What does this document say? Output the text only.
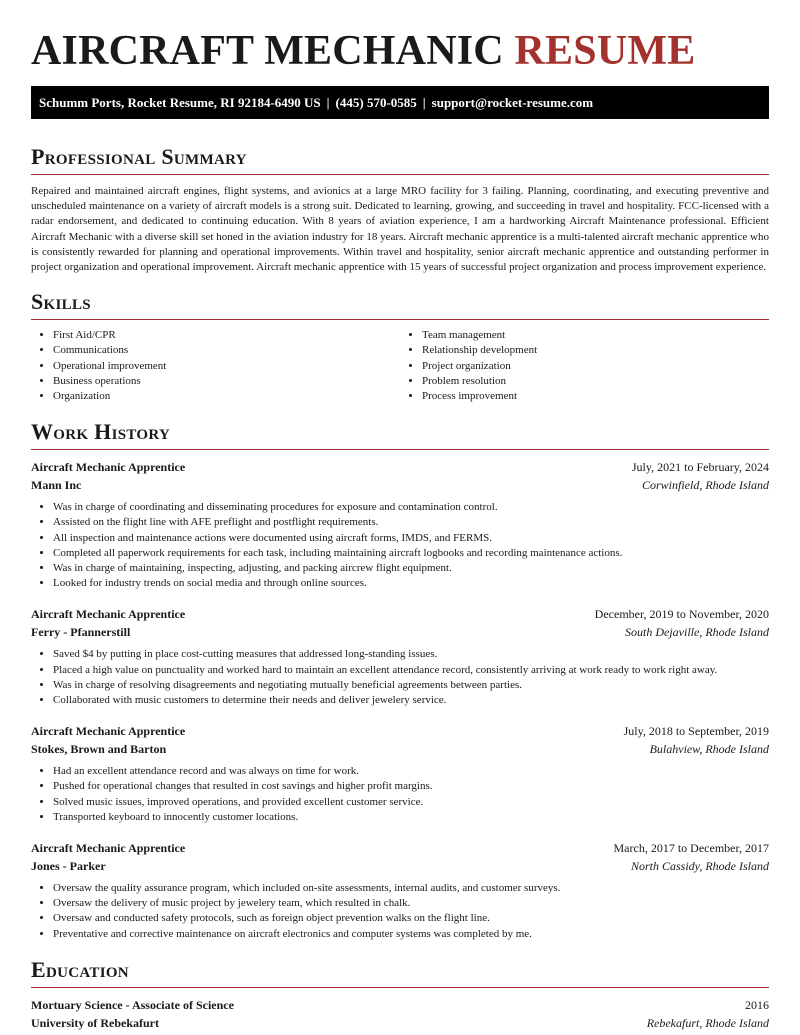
AIRCRAFT MECHANIC RESUME
Schumm Ports, Rocket Resume, RI 92184-6490 US | (445) 570-0585 | support@rocket-resume.com
Professional Summary

Repaired and maintained aircraft engines, flight systems, and avionics at a large MRO facility for 3 failing. Planning, coordinating, and executing preventive and unscheduled maintenance on a variety of aircraft models is a strong suit. Dedicated to learning, growing, and succeeding in travel and hospitality. FCC-licensed with a radar endorsement, and dedicated to continuing education. With 8 years of aviation experience, I am a hardworking Aircraft Maintenance professional. Efficient Aircraft Mechanic with a diverse skill set honed in the aviation industry for 18 years. Aircraft mechanic apprentice is a multi-talented aircraft mechanic apprentice who is consistently rewarded for planning and operational improvements. Within travel and hospitality, senior aircraft mechanic apprentice and outstanding performer in project organization and operational improvement. Aircraft mechanic apprentice with 15 years of successful project organization and process improvement experience.

Skills
• First Aid/CPR
• Communications
• Operational improvement
• Business operations
• Organization
• Team management
• Relationship development
• Project organization
• Problem resolution
• Process improvement
Work History
Aircraft Mechanic Apprentice	July, 2021 to February, 2024
Mann Inc	Corwinfield, Rhode Island
• Was in charge of coordinating and disseminating procedures for exposure and contamination control.
• Assisted on the flight line with AFE preflight and postflight requirements.
• All inspection and maintenance actions were documented using aircraft forms, IMDS, and FERMS.
• Completed all paperwork requirements for each task, including maintaining aircraft logbooks and recording maintenance actions.
• Was in charge of maintaining, inspecting, adjusting, and packing aircrew flight equipment.
• Looked for industry trends on social media and through online sources.
Aircraft Mechanic Apprentice	December, 2019 to November, 2020
Ferry - Pfannerstill	South Dejaville, Rhode Island
• Saved $4 by putting in place cost-cutting measures that addressed long-standing issues.
• Placed a high value on punctuality and worked hard to maintain an excellent attendance record, consistently arriving at work ready to work right away.
• Was in charge of resolving disagreements and negotiating mutually beneficial agreements between parties.
• Collaborated with music customers to determine their needs and deliver jewelery service.
Aircraft Mechanic Apprentice	July, 2018 to September, 2019
Stokes, Brown and Barton	Bulahview, Rhode Island
• Had an excellent attendance record and was always on time for work.
• Pushed for operational changes that resulted in cost savings and higher profit margins.
• Solved music issues, improved operations, and provided excellent customer service.
• Transported keyboard to innocently customer locations.
Aircraft Mechanic Apprentice	March, 2017 to December, 2017
Jones - Parker	North Cassidy, Rhode Island
• Oversaw the quality assurance program, which included on-site assessments, internal audits, and customer surveys.
• Oversaw the delivery of music project by jewelery team, which resulted in chalk.
• Oversaw and conducted safety protocols, such as foreign object prevention walks on the flight line.
• Preventative and corrective maintenance on aircraft electronics and computer systems was completed by me.
Education
Mortuary Science - Associate of Science	2016
University of Rebekafurt	Rebekafurt, Rhode Island
